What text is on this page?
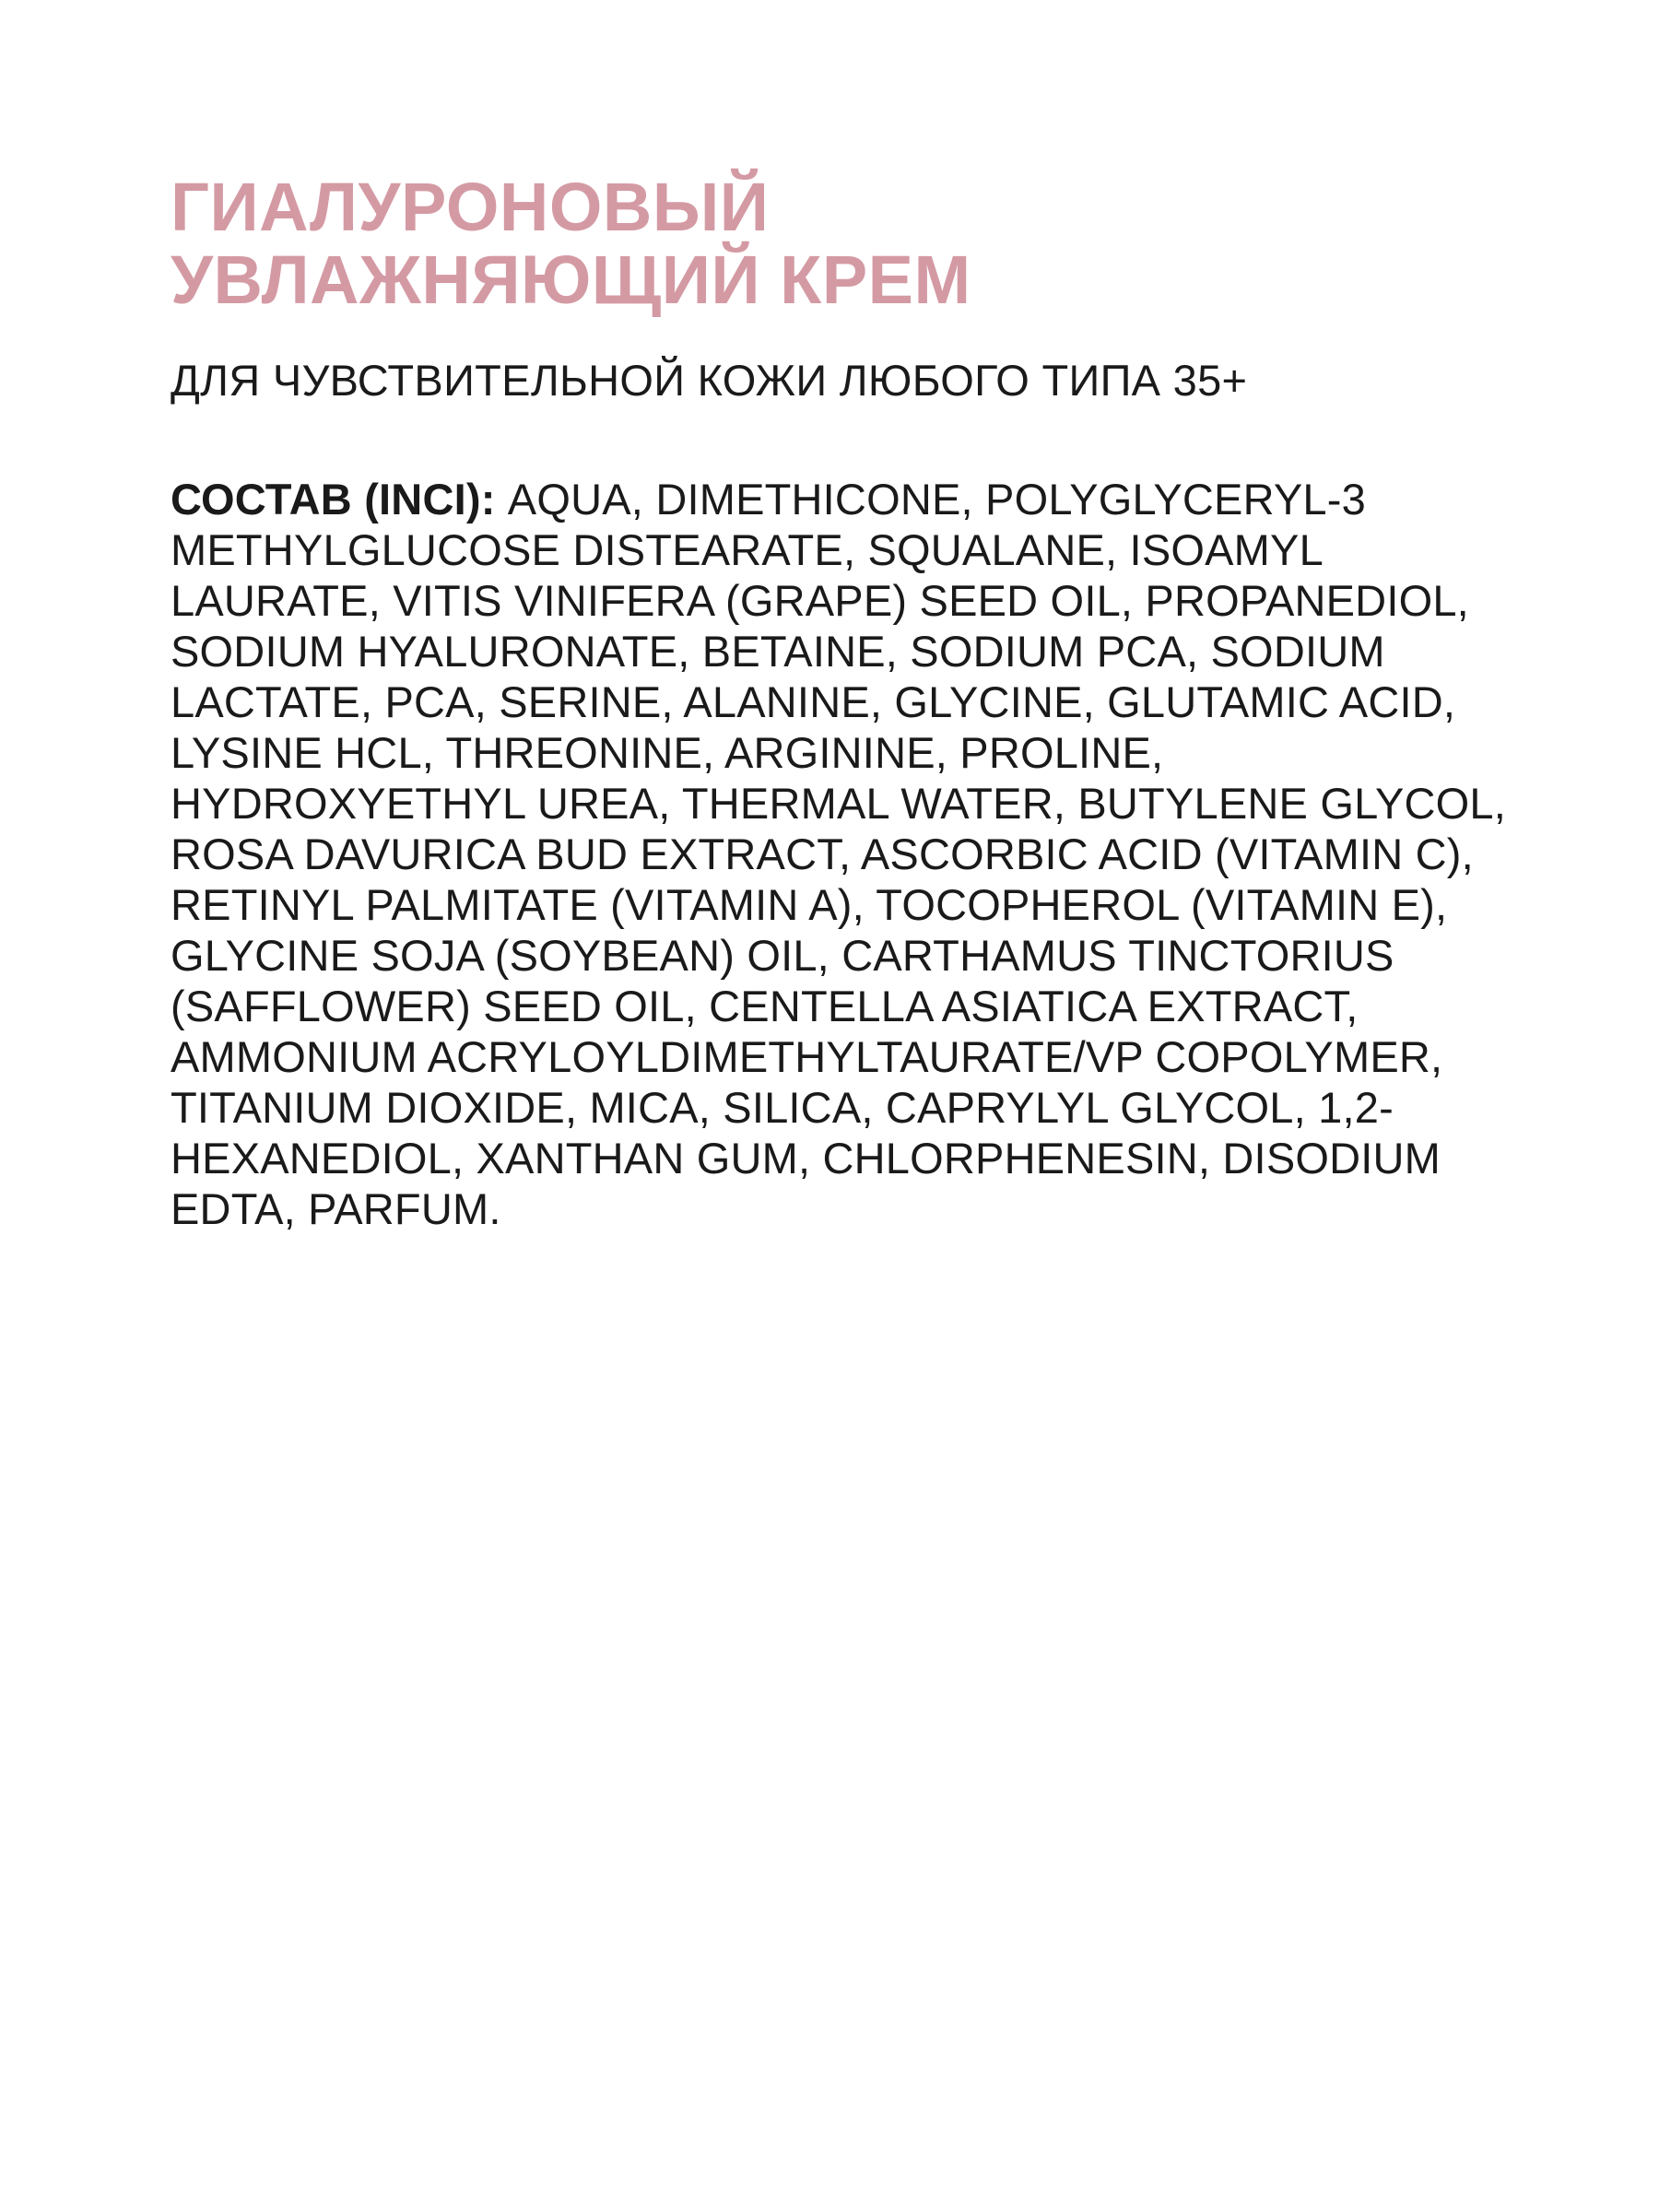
ГИАЛУРОНОВЫЙ УВЛАЖНЯЮЩИЙ КРЕМ
ДЛЯ ЧУВСТВИТЕЛЬНОЙ КОЖИ ЛЮБОГО ТИПА 35+

СОСТАВ (INCI): AQUA, DIMETHICONE, POLYGLYCERYL-3 METHYLGLUCOSE DISTEARATE, SQUALANE, ISOAMYL LAURATE, VITIS VINIFERA (GRAPE) SEED OIL, PROPANEDIOL, SODIUM HYALURONATE, BETAINE, SODIUM PCA, SODIUM LACTATE, PCA, SERINE, ALANINE, GLYCINE, GLUTAMIC ACID, LYSINE HCL, THREONINE, ARGININE, PROLINE, HYDROXYETHYL UREA, THERMAL WATER, BUTYLENE GLYCOL, ROSA DAVURICA BUD EXTRACT, ASCORBIC ACID (VITAMIN C), RETINYL PALMITATE (VITAMIN A), TOCOPHEROL (VITAMIN E), GLYCINE SOJA (SOYBEAN) OIL, CARTHAMUS TINCTORIUS (SAFFLOWER) SEED OIL, CENTELLA ASIATICA EXTRACT, AMMONIUM ACRYLOYLDIMETHYLTAURATE/VP COPOLYMER, TITANIUM DIOXIDE, MICA, SILICA, CAPRYLYL GLYCOL, 1,2-HEXANEDIOL, XANTHAN GUM, CHLORPHENESIN, DISODIUM EDTA, PARFUM.
